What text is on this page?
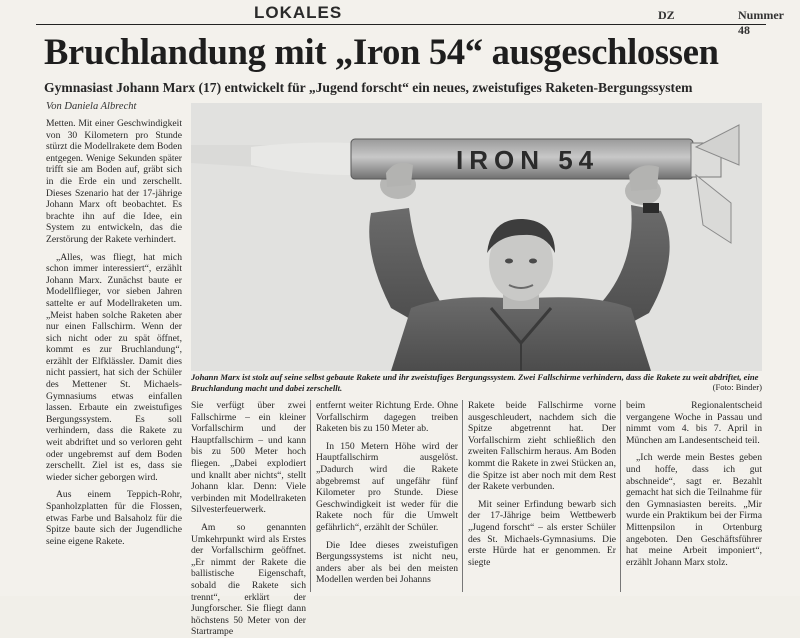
LOKALES	DZ	Nummer 48
Bruchlandung mit „Iron 54“ ausgeschlossen
Gymnasiast Johann Marx (17) entwickelt für „Jugend forscht“ ein neues, zweistufiges Raketen-Bergungssystem
Von Daniela Albrecht

Metten. Mit einer Geschwindigkeit von 30 Kilometern pro Stunde stürzt die Modellrakete dem Boden entgegen. Wenige Sekunden später trifft sie am Boden auf, gräbt sich in die Erde ein und zerschellt. Dieses Szenario hat der 17-jährige Johann Marx oft beobachtet. Es brachte ihn auf die Idee, ein System zu entwickeln, das die Zerstörung der Rakete verhindert.

„Alles, was fliegt, hat mich schon immer interessiert“, erzählt Johann Marx. Zunächst baute er Modellflieger, vor sieben Jahren sattelte er auf Modellraketen um. „Meist haben solche Raketen aber nur einen Fallschirm. Wenn der sich nicht oder zu spät öffnet, kommt es zur Bruchlandung“, erzählt der Elfklässler. Damit dies nicht passiert, hat sich der Schüler des Mettener St. Michaels-Gymnasiums etwas einfallen lassen. Erbaute ein zweistufiges Bergungssystem. Es soll verhindern, dass die Rakete zu weit abdriftet und so verloren geht oder ungebremst auf dem Boden zerschellt. Ziel ist es, dass sie wieder sicher geborgen wird.

Aus einem Teppich-Rohr, Spanholzplatten für die Flossen, etwas Farbe und Balsaholz für die Spitze baute sich der Jugendliche seine eigene Rakete.

IRON 54
Johann Marx ist stolz auf seine selbst gebaute Rakete und ihr zweistufiges Bergungssystem. Zwei Fallschirme verhindern, dass die Rakete zu weit abdriftet, eine Bruchlandung macht und dabei zerschellt.	(Foto: Binder)

Sie verfügt über zwei Fallschirme – ein kleiner Vorfallschirm und der Hauptfallschirm – und kann bis zu 500 Meter hoch fliegen. „Dabei explodiert und knallt aber nichts“, stellt Johann klar. Denn: Viele verbinden mit Modellraketen Silvesterfeuerwerk.

Am so genannten Umkehrpunkt wird als Erstes der Vorfallschirm geöffnet. „Er nimmt der Rakete die ballistische Eigenschaft, sobald die Rakete sich trennt“, erklärt der Jungforscher. Sie fliegt dann höchstens 50 Meter von der Startrampe

entfernt weiter Richtung Erde. Ohne Vorfallschirm dagegen treiben Raketen bis zu 150 Meter ab.

In 150 Metern Höhe wird der Hauptfallschirm ausgelöst. „Dadurch wird die Rakete abgebremst auf ungefähr fünf Kilometer pro Stunde. Diese Geschwindigkeit ist weder für die Rakete noch für die Umwelt gefährlich“, erzählt der Schüler.

Die Idee dieses zweistufigen Bergungssystems ist nicht neu, anders aber als bei den meisten Modellen werden bei Johanns

Rakete beide Fallschirme vorne ausgeschleudert, nachdem sich die Spitze abgetrennt hat. Der Vorfallschirm zieht schließlich den zweiten Fallschirm heraus. Am Boden kommt die Rakete in zwei Stücken an, die Spitze ist aber noch mit dem Rest der Rakete verbunden.

Mit seiner Erfindung bewarb sich der 17-Jährige beim Wettbewerb „Jugend forscht“ – als erster Schüler des St. Michaels-Gymnasiums. Die erste Hürde hat er genommen. Er siegte

beim Regionalentscheid vergangene Woche in Passau und nimmt vom 4. bis 7. April in München am Landesentscheid teil.

„Ich werde mein Bestes geben und hoffe, dass ich gut abschneide“, sagt er. Bezahlt gemacht hat sich die Teilnahme für den Gymnasiasten bereits. „Mir wurde ein Praktikum bei der Firma Mittenpsilon in Ortenburg angeboten. Den Geschäftsführer hat meine Arbeit imponiert“, erzählt Johann Marx stolz.
